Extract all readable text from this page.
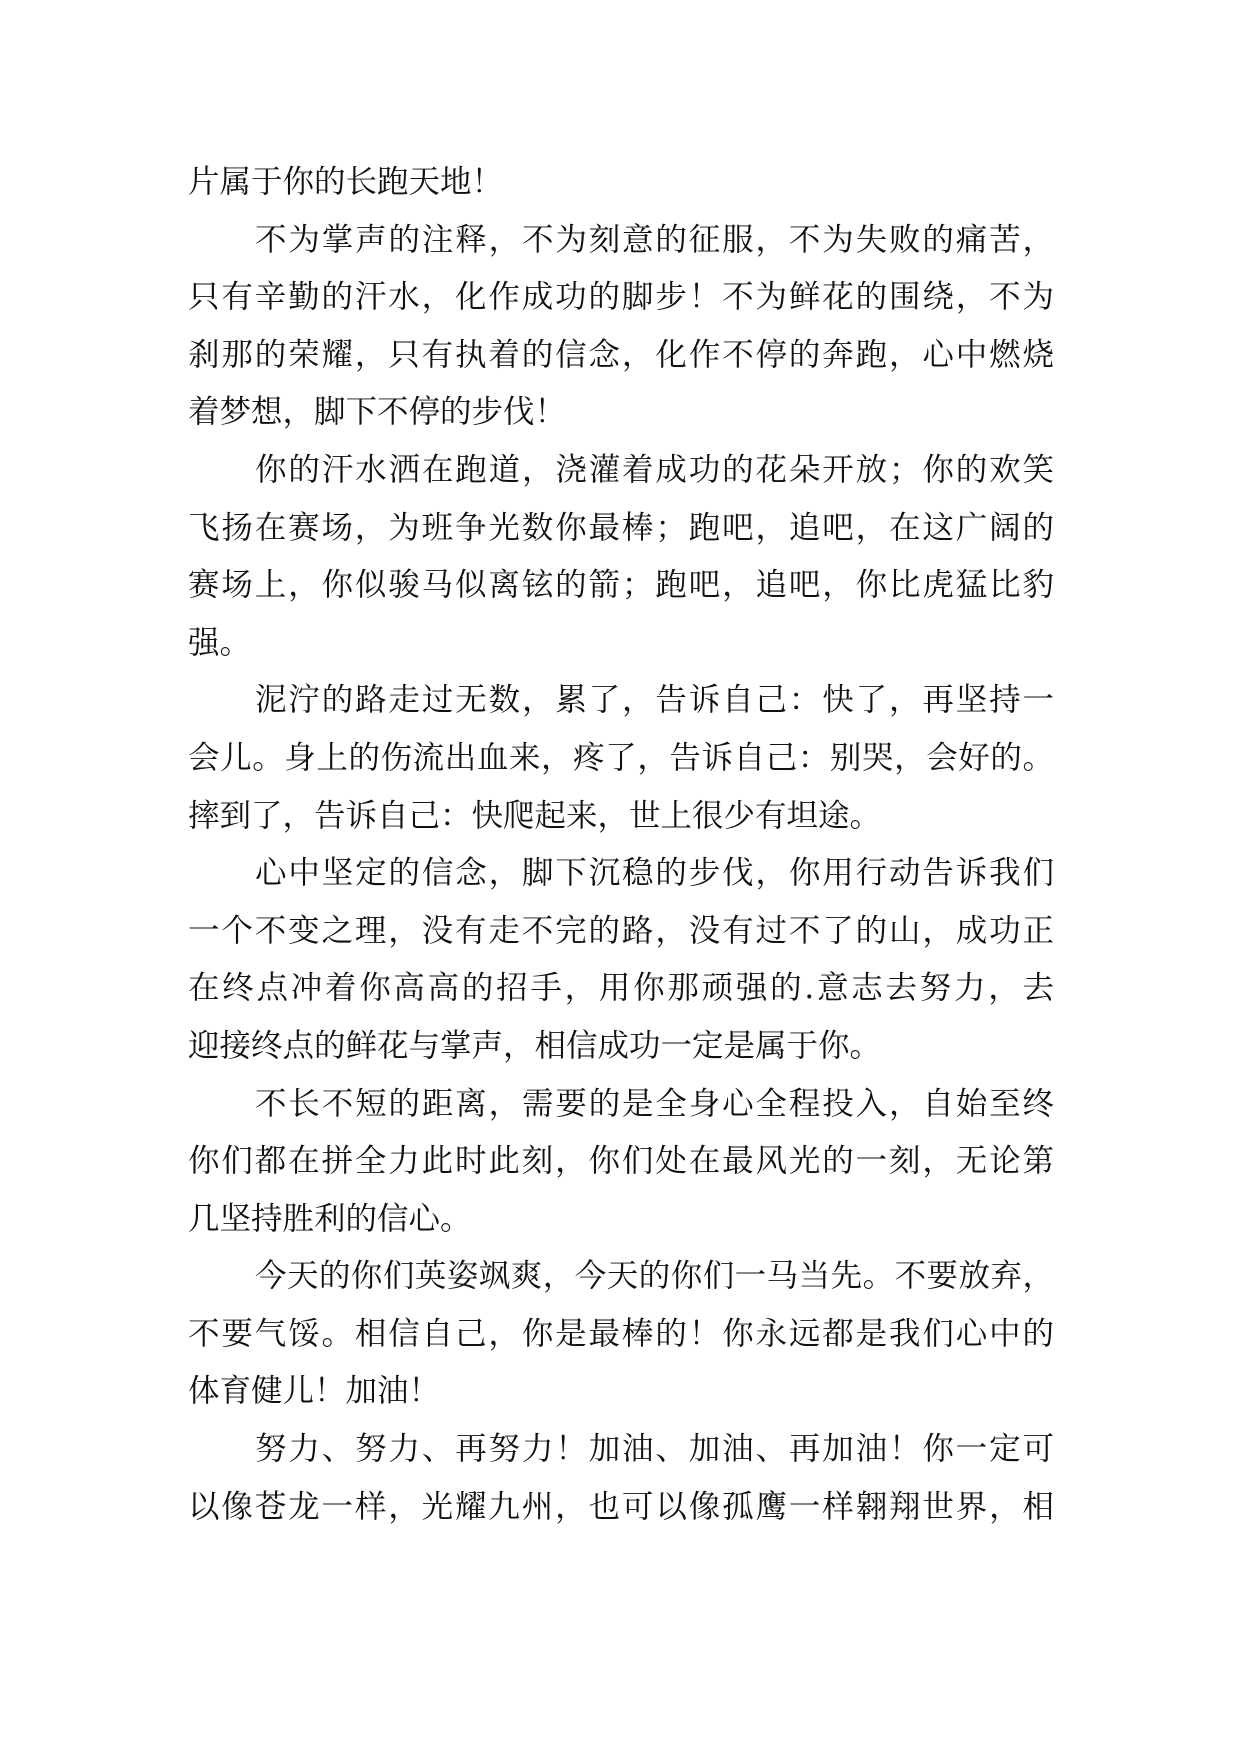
片属于你的长跑天地！
不为掌声的注释，不为刻意的征服，不为失败的痛苦，
只有辛勤的汗水，化作成功的脚步！不为鲜花的围绕，不为
刹那的荣耀，只有执着的信念，化作不停的奔跑，心中燃烧
着梦想，脚下不停的步伐！
你的汗水洒在跑道，浇灌着成功的花朵开放；你的欢笑
飞扬在赛场，为班争光数你最棒；跑吧，追吧，在这广阔的
赛场上，你似骏马似离铉的箭；跑吧，追吧，你比虎猛比豹
强。
泥泞的路走过无数，累了，告诉自己：快了，再坚持一
会儿。身上的伤流出血来，疼了，告诉自己：别哭，会好的。
摔到了，告诉自己：快爬起来，世上很少有坦途。
心中坚定的信念，脚下沉稳的步伐，你用行动告诉我们
一个不变之理，没有走不完的路，没有过不了的山，成功正
在终点冲着你高高的招手，用你那顽强的.意志去努力，去
迎接终点的鲜花与掌声，相信成功一定是属于你。
不长不短的距离，需要的是全身心全程投入，自始至终
你们都在拼全力此时此刻，你们处在最风光的一刻，无论第
几坚持胜利的信心。
今天的你们英姿飒爽，今天的你们一马当先。不要放弃，
不要气馁。相信自己，你是最棒的！你永远都是我们心中的
体育健儿！加油！
努力、努力、再努力！加油、加油、再加油！你一定可
以像苍龙一样，光耀九州，也可以像孤鹰一样翱翔世界，相
